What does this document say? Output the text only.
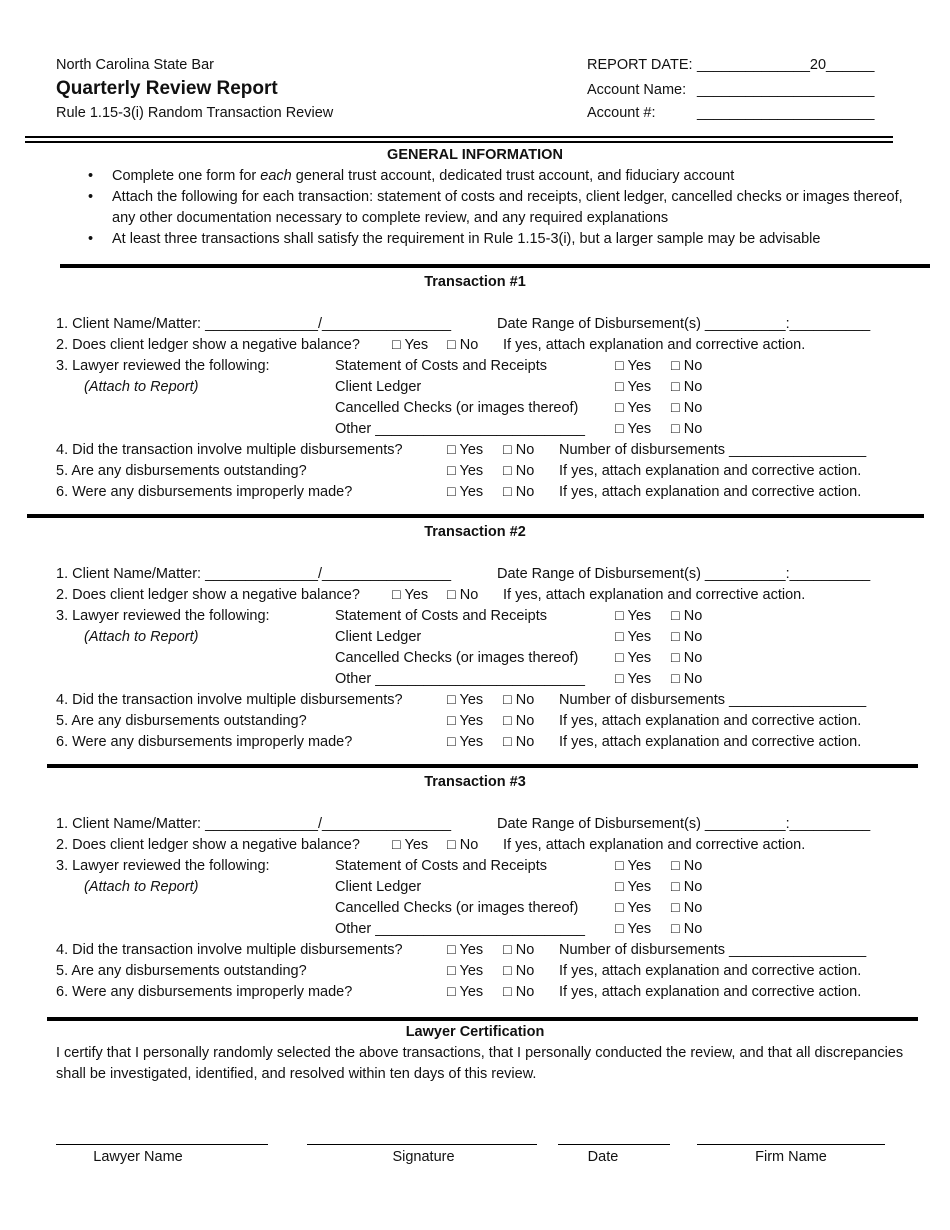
North Carolina State Bar
Quarterly Review Report
Rule 1.15-3(i) Random Transaction Review
REPORT DATE: ______________20______
Account Name: ______________________
Account #:	______________________
GENERAL INFORMATION
• Complete one form for each general trust account, dedicated trust account, and fiduciary account
• Attach the following for each transaction: statement of costs and receipts, client ledger, cancelled checks or images thereof, any other documentation necessary to complete review, and any required explanations
• At least three transactions shall satisfy the requirement in Rule 1.15-3(i), but a larger sample may be advisable
Transaction #1
1. Client Name/Matter: ______________/________________	Date Range of Disbursement(s) __________:__________
2. Does client ledger show a negative balance? □ Yes □ No If yes, attach explanation and corrective action.
3. Lawyer reviewed the following:
(Attach to Report)
Statement of Costs and Receipts	□ Yes □ No
Client Ledger	□ Yes □ No
Cancelled Checks (or images thereof)	□ Yes □ No
Other __________________________ □ Yes □ No
4. Did the transaction involve multiple disbursements?	□ Yes □ No Number of disbursements _________________
5. Are any disbursements outstanding?	□ Yes □ No If yes, attach explanation and corrective action.
6. Were any disbursements improperly made?	□ Yes □ No If yes, attach explanation and corrective action.
Transaction #2
1. Client Name/Matter: ______________/________________	Date Range of Disbursement(s) __________:__________
2. Does client ledger show a negative balance? □ Yes □ No If yes, attach explanation and corrective action.
3. Lawyer reviewed the following:
(Attach to Report)
Statement of Costs and Receipts	□ Yes □ No
Client Ledger	□ Yes □ No
Cancelled Checks (or images thereof)	□ Yes □ No
Other __________________________ □ Yes □ No
4. Did the transaction involve multiple disbursements?	□ Yes □ No Number of disbursements _________________
5. Are any disbursements outstanding?	□ Yes □ No If yes, attach explanation and corrective action.
6. Were any disbursements improperly made?	□ Yes □ No If yes, attach explanation and corrective action.
Transaction #3
1. Client Name/Matter: ______________/________________	Date Range of Disbursement(s) __________:__________
2. Does client ledger show a negative balance? □ Yes □ No If yes, attach explanation and corrective action.
3. Lawyer reviewed the following:
(Attach to Report)
Statement of Costs and Receipts	□ Yes □ No
Client Ledger	□ Yes □ No
Cancelled Checks (or images thereof)	□ Yes □ No
Other __________________________ □ Yes □ No
4. Did the transaction involve multiple disbursements?	□ Yes □ No Number of disbursements _________________
5. Are any disbursements outstanding?	□ Yes □ No If yes, attach explanation and corrective action.
6. Were any disbursements improperly made?	□ Yes □ No If yes, attach explanation and corrective action.
Lawyer Certification
I certify that I personally randomly selected the above transactions, that I personally conducted the review, and that all discrepancies shall be investigated, identified, and resolved within ten days of this review.
Lawyer Name	Signature	Date	Firm Name
